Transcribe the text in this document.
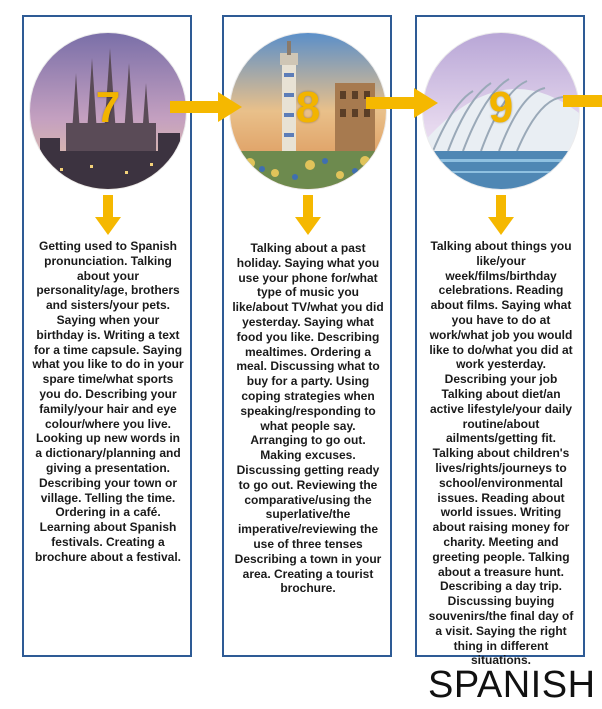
7
Getting used to Spanish pronunciation. Talking about your personality/age, brothers and sisters/your pets. Saying when your birthday is. Writing a text for a time capsule. Saying what you like to do in your spare time/what sports you do. Describing your family/your hair and eye colour/where you live. Looking up new words in a dictionary/planning and giving a presentation. Describing your town or village. Telling the time. Ordering in a café. Learning about Spanish festivals. Creating a brochure about a festival.
8
Talking about a past holiday. Saying what you use your phone for/what type of music you like/about TV/what you did yesterday. Saying what food you like. Describing mealtimes. Ordering a meal. Discussing what to buy for a party. Using coping strategies when speaking/responding to what people say. Arranging to go out. Making excuses. Discussing getting ready to go out. Reviewing the comparative/using the superlative/the imperative/reviewing the use of three tenses Describing a town in your area. Creating a tourist brochure.
9
Talking about things you like/your week/films/birthday celebrations. Reading about films. Saying what you have to do at work/what job you would like to do/what you did at work yesterday. Describing your job Talking about diet/an active lifestyle/your daily routine/about ailments/getting fit. Talking about children's lives/rights/journeys to school/environmental issues. Reading about world issues. Writing about raising money for charity. Meeting and greeting people. Talking about a treasure hunt. Describing a day trip. Discussing buying souvenirs/the final day of a visit. Saying the right thing in different situations.
SPANISH
